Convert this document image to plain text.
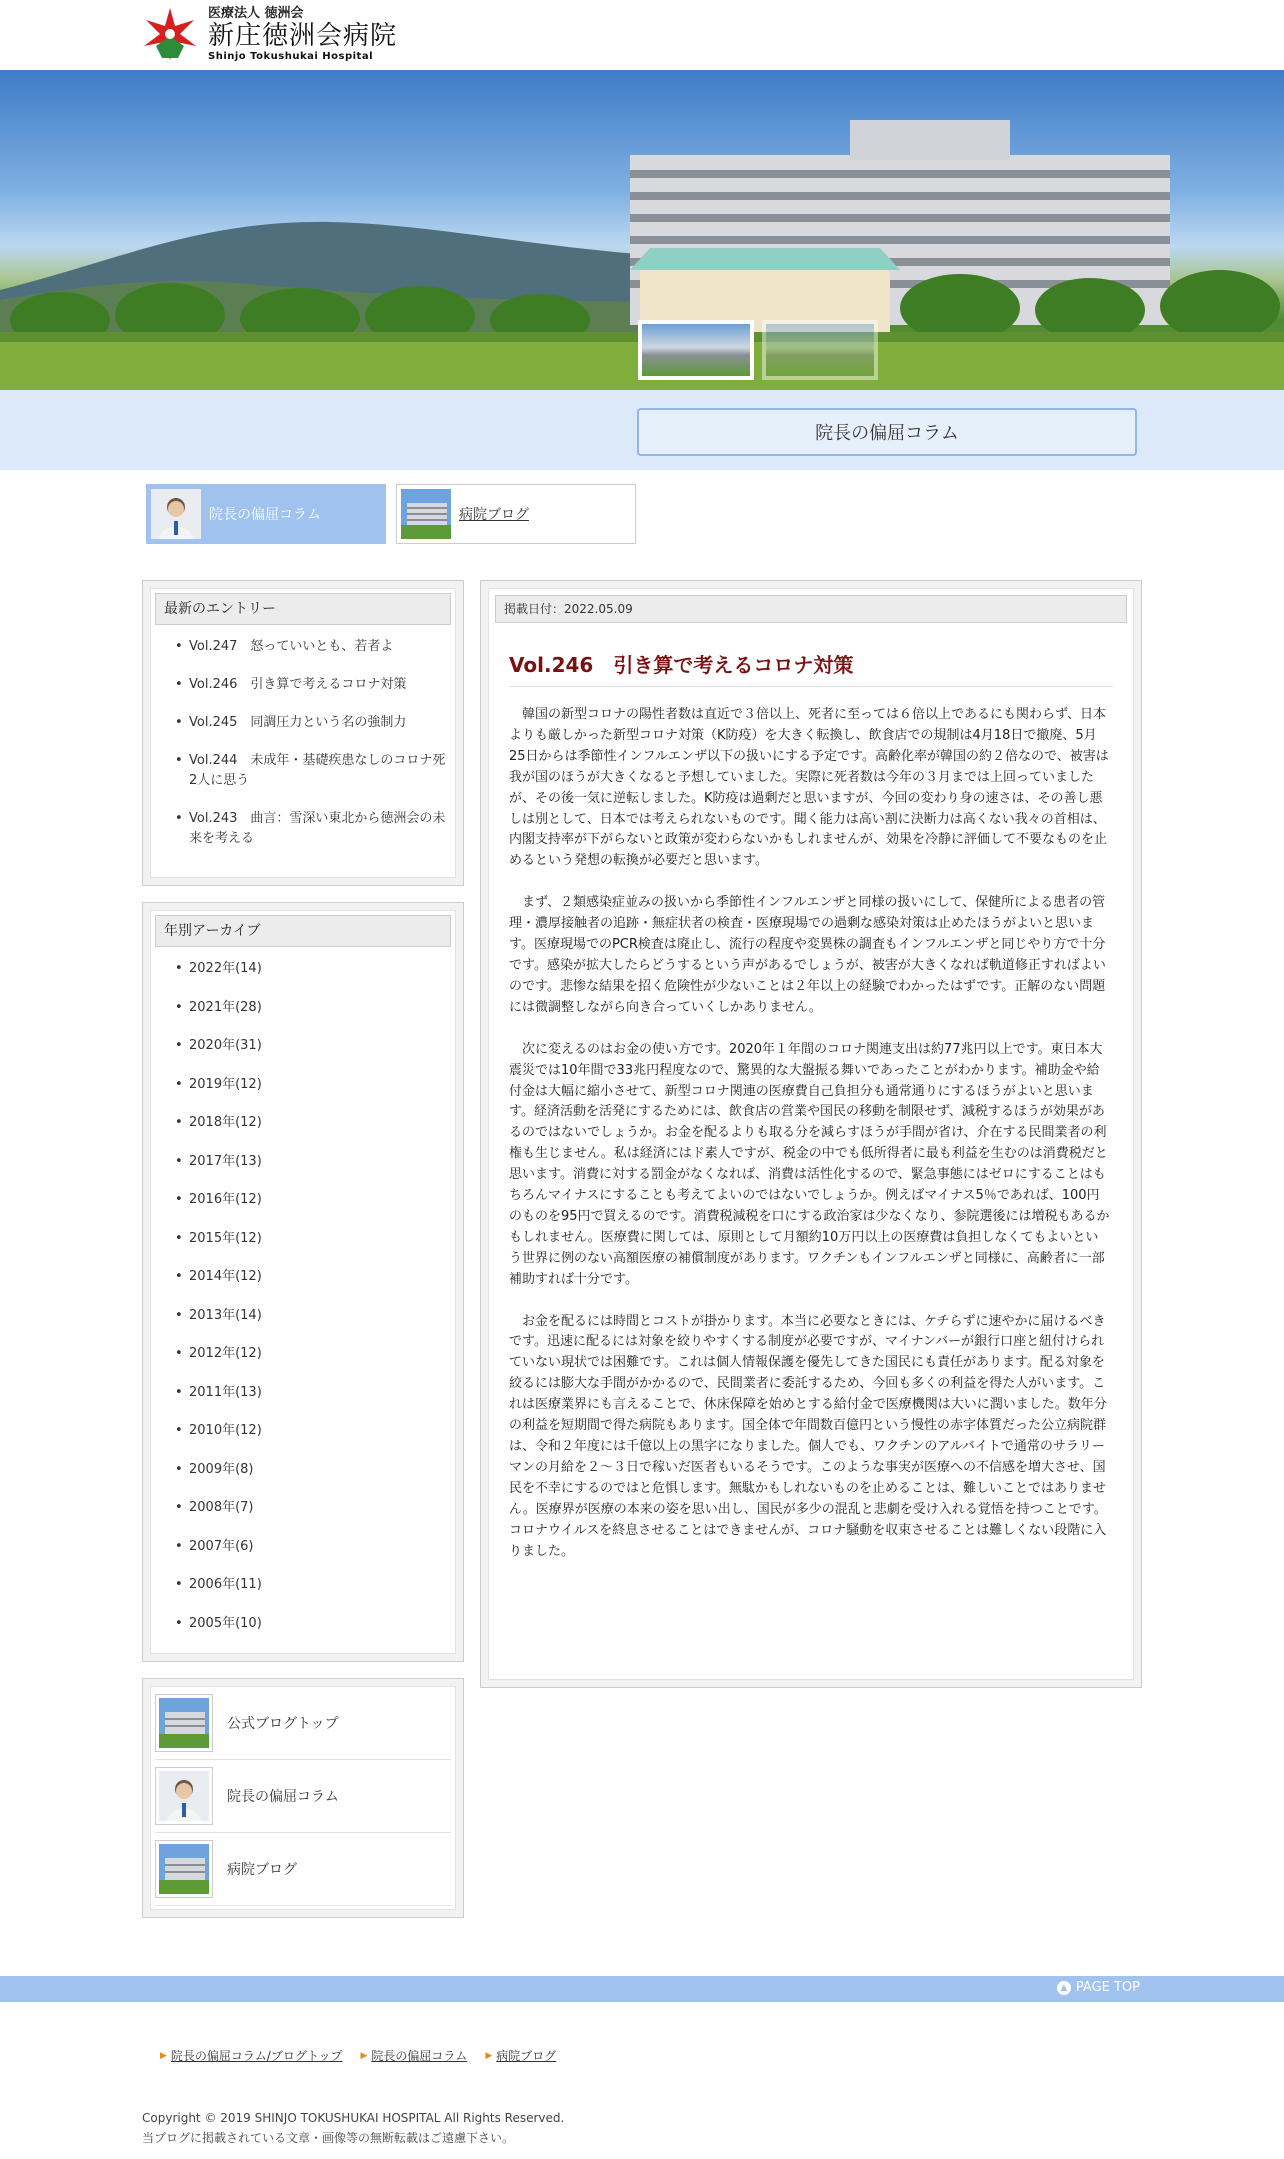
医療法人 徳洲会
新庄徳洲会病院
Shinjo Tokushukai Hospital
院長の偏屈コラム
院長の偏屈コラム	病院ブログ
最新のエントリー
• Vol.247　怒っていいとも、若者よ
• Vol.246　引き算で考えるコロナ対策
• Vol.245　同調圧力という名の強制力
• Vol.244　未成年・基礎疾患なしのコロナ死2人に思う
• Vol.243　曲言：雪深い東北から徳洲会の未来を考える
年別アーカイブ
• 2022年(14)
• 2021年(28)
• 2020年(31)
• 2019年(12)
• 2018年(12)
• 2017年(13)
• 2016年(12)
• 2015年(12)
• 2014年(12)
• 2013年(14)
• 2012年(12)
• 2011年(13)
• 2010年(12)
• 2009年(8)
• 2008年(7)
• 2007年(6)
• 2006年(11)
• 2005年(10)
公式ブログトップ
院長の偏屈コラム
病院ブログ
掲載日付：2022.05.09
Vol.246　引き算で考えるコロナ対策

韓国の新型コロナの陽性者数は直近で３倍以上、死者に至っては６倍以上であるにも関わらず、日本よりも厳しかった新型コロナ対策（K防疫）を大きく転換し、飲食店での規制は4月18日で撤廃、5月25日からは季節性インフルエンザ以下の扱いにする予定です。高齢化率が韓国の約２倍なので、被害は我が国のほうが大きくなると予想していました。実際に死者数は今年の３月までは上回っていましたが、その後一気に逆転しました。K防疫は過剰だと思いますが、今回の変わり身の速さは、その善し悪しは別として、日本では考えられないものです。聞く能力は高い割に決断力は高くない我々の首相は、内閣支持率が下がらないと政策が変わらないかもしれませんが、効果を冷静に評価して不要なものを止めるという発想の転換が必要だと思います。

まず、２類感染症並みの扱いから季節性インフルエンザと同様の扱いにして、保健所による患者の管理・濃厚接触者の追跡・無症状者の検査・医療現場での過剰な感染対策は止めたほうがよいと思います。医療現場でのPCR検査は廃止し、流行の程度や変異株の調査もインフルエンザと同じやり方で十分です。感染が拡大したらどうするという声があるでしょうが、被害が大きくなれば軌道修正すればよいのです。悲惨な結果を招く危険性が少ないことは２年以上の経験でわかったはずです。正解のない問題には微調整しながら向き合っていくしかありません。

次に変えるのはお金の使い方です。2020年１年間のコロナ関連支出は約77兆円以上です。東日本大震災では10年間で33兆円程度なので、驚異的な大盤振る舞いであったことがわかります。補助金や給付金は大幅に縮小させて、新型コロナ関連の医療費自己負担分も通常通りにするほうがよいと思います。経済活動を活発にするためには、飲食店の営業や国民の移動を制限せず、減税するほうが効果があるのではないでしょうか。お金を配るよりも取る分を減らすほうが手間が省け、介在する民間業者の利権も生じません。私は経済にはド素人ですが、税金の中でも低所得者に最も利益を生むのは消費税だと思います。消費に対する罰金がなくなれば、消費は活性化するので、緊急事態にはゼロにすることはもちろんマイナスにすることも考えてよいのではないでしょうか。例えばマイナス5％であれば、100円のものを95円で買えるのです。消費税減税を口にする政治家は少なくなり、参院選後には増税もあるかもしれません。医療費に関しては、原則として月額約10万円以上の医療費は負担しなくてもよいという世界に例のない高額医療の補償制度があります。ワクチンもインフルエンザと同様に、高齢者に一部補助すれば十分です。

お金を配るには時間とコストが掛かります。本当に必要なときには、ケチらずに速やかに届けるべきです。迅速に配るには対象を絞りやすくする制度が必要ですが、マイナンバーが銀行口座と紐付けられていない現状では困難です。これは個人情報保護を優先してきた国民にも責任があります。配る対象を絞るには膨大な手間がかかるので、民間業者に委託するため、今回も多くの利益を得た人がいます。これは医療業界にも言えることで、休床保障を始めとする給付金で医療機関は大いに潤いました。数年分の利益を短期間で得た病院もあります。国全体で年間数百億円という慢性の赤字体質だった公立病院群は、令和２年度には千億以上の黒字になりました。個人でも、ワクチンのアルバイトで通常のサラリーマンの月給を２〜３日で稼いだ医者もいるそうです。このような事実が医療への不信感を増大させ、国民を不幸にするのではと危惧します。無駄かもしれないものを止めることは、難しいことではありません。医療界が医療の本来の姿を思い出し、国民が多少の混乱と悲劇を受け入れる覚悟を持つことです。コロナウイルスを終息させることはできませんが、コロナ騒動を収束させることは難しくない段階に入りました。

▲ PAGE TOP
▶ 院長の偏屈コラム/ブログトップ ▶ 院長の偏屈コラム ▶ 病院ブログ
Copyright © 2019 SHINJO TOKUSHUKAI HOSPITAL All Rights Reserved.
当ブログに掲載されている文章・画像等の無断転載はご遠慮下さい。
